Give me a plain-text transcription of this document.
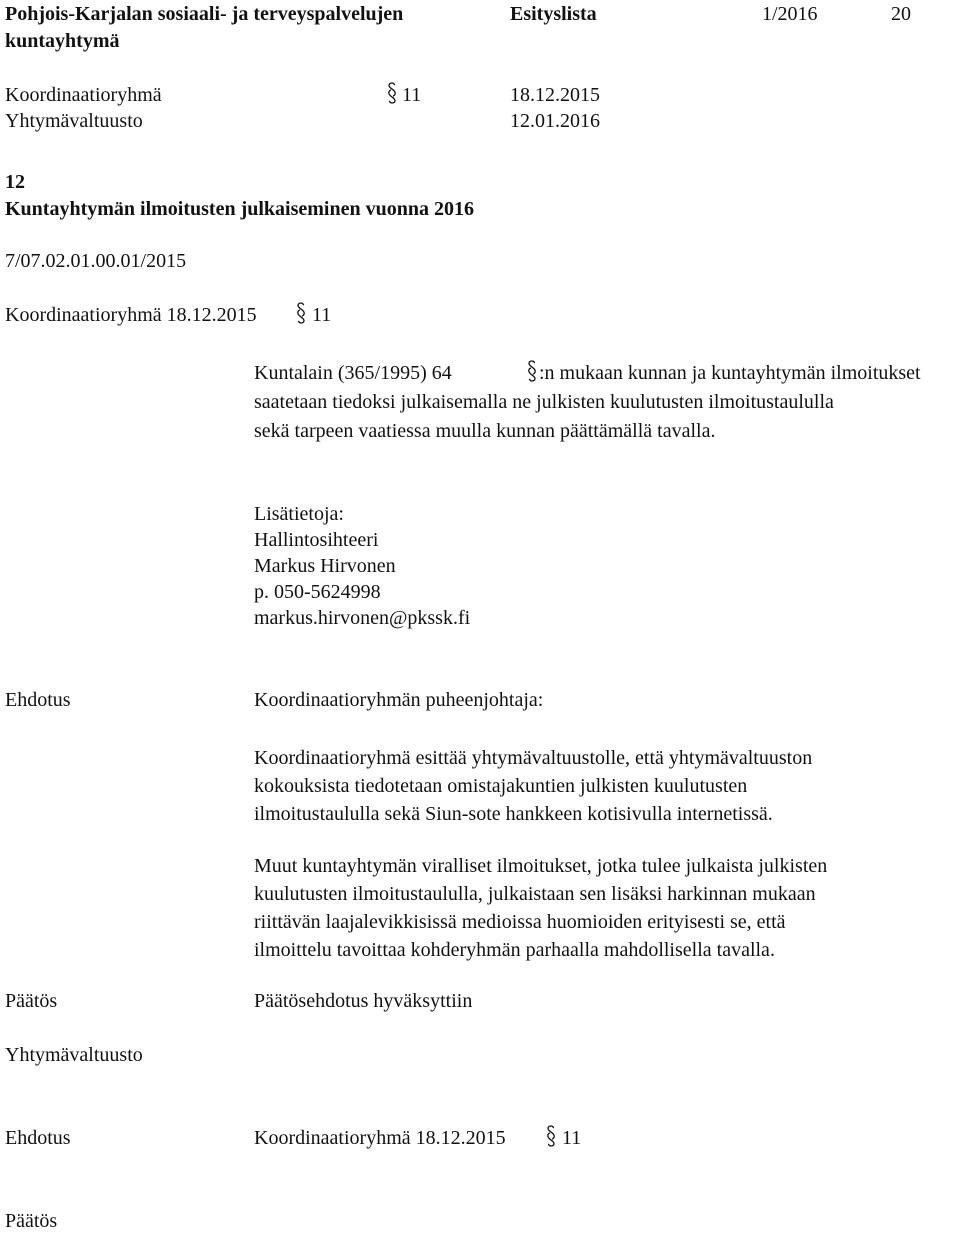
Pohjois-Karjalan sosiaali- ja terveyspalvelujen
kuntayhtymä
Esityslista	1/2016	20
Koordinaatioryhmä	11	18.12.2015
Yhtymävaltuusto	12.01.2016
12
Kuntayhtymän ilmoitusten julkaiseminen vuonna 2016
7/07.02.01.00.01/2015
Koordinaatioryhmä 18.12.2015	11
Kuntalain (365/1995) 64	:n mukaan kunnan ja kuntayhtymän ilmoitukset
saatetaan tiedoksi julkaisemalla ne julkisten kuulutusten ilmoitustaululla
sekä tarpeen vaatiessa muulla kunnan päättämällä tavalla.
Lisätietoja:
Hallintosihteeri
Markus Hirvonen
p. 050-5624998
markus.hirvonen@pkssk.fi
Ehdotus	Koordinaatioryhmän puheenjohtaja:
Koordinaatioryhmä esittää yhtymävaltuustolle, että yhtymävaltuuston
kokouksista tiedotetaan omistajakuntien julkisten kuulutusten
ilmoitustaululla sekä Siun-sote hankkeen kotisivulla internetissä.
Muut kuntayhtymän viralliset ilmoitukset, jotka tulee julkaista julkisten
kuulutusten ilmoitustaululla, julkaistaan sen lisäksi harkinnan mukaan
riittävän laajalevikkisissä medioissa huomioiden erityisesti se, että
ilmoittelu tavoittaa kohderyhmän parhaalla mahdollisella tavalla.
Päätös	Päätösehdotus hyväksyttiin
Yhtymävaltuusto
Ehdotus	Koordinaatioryhmä 18.12.2015	11
Päätös
